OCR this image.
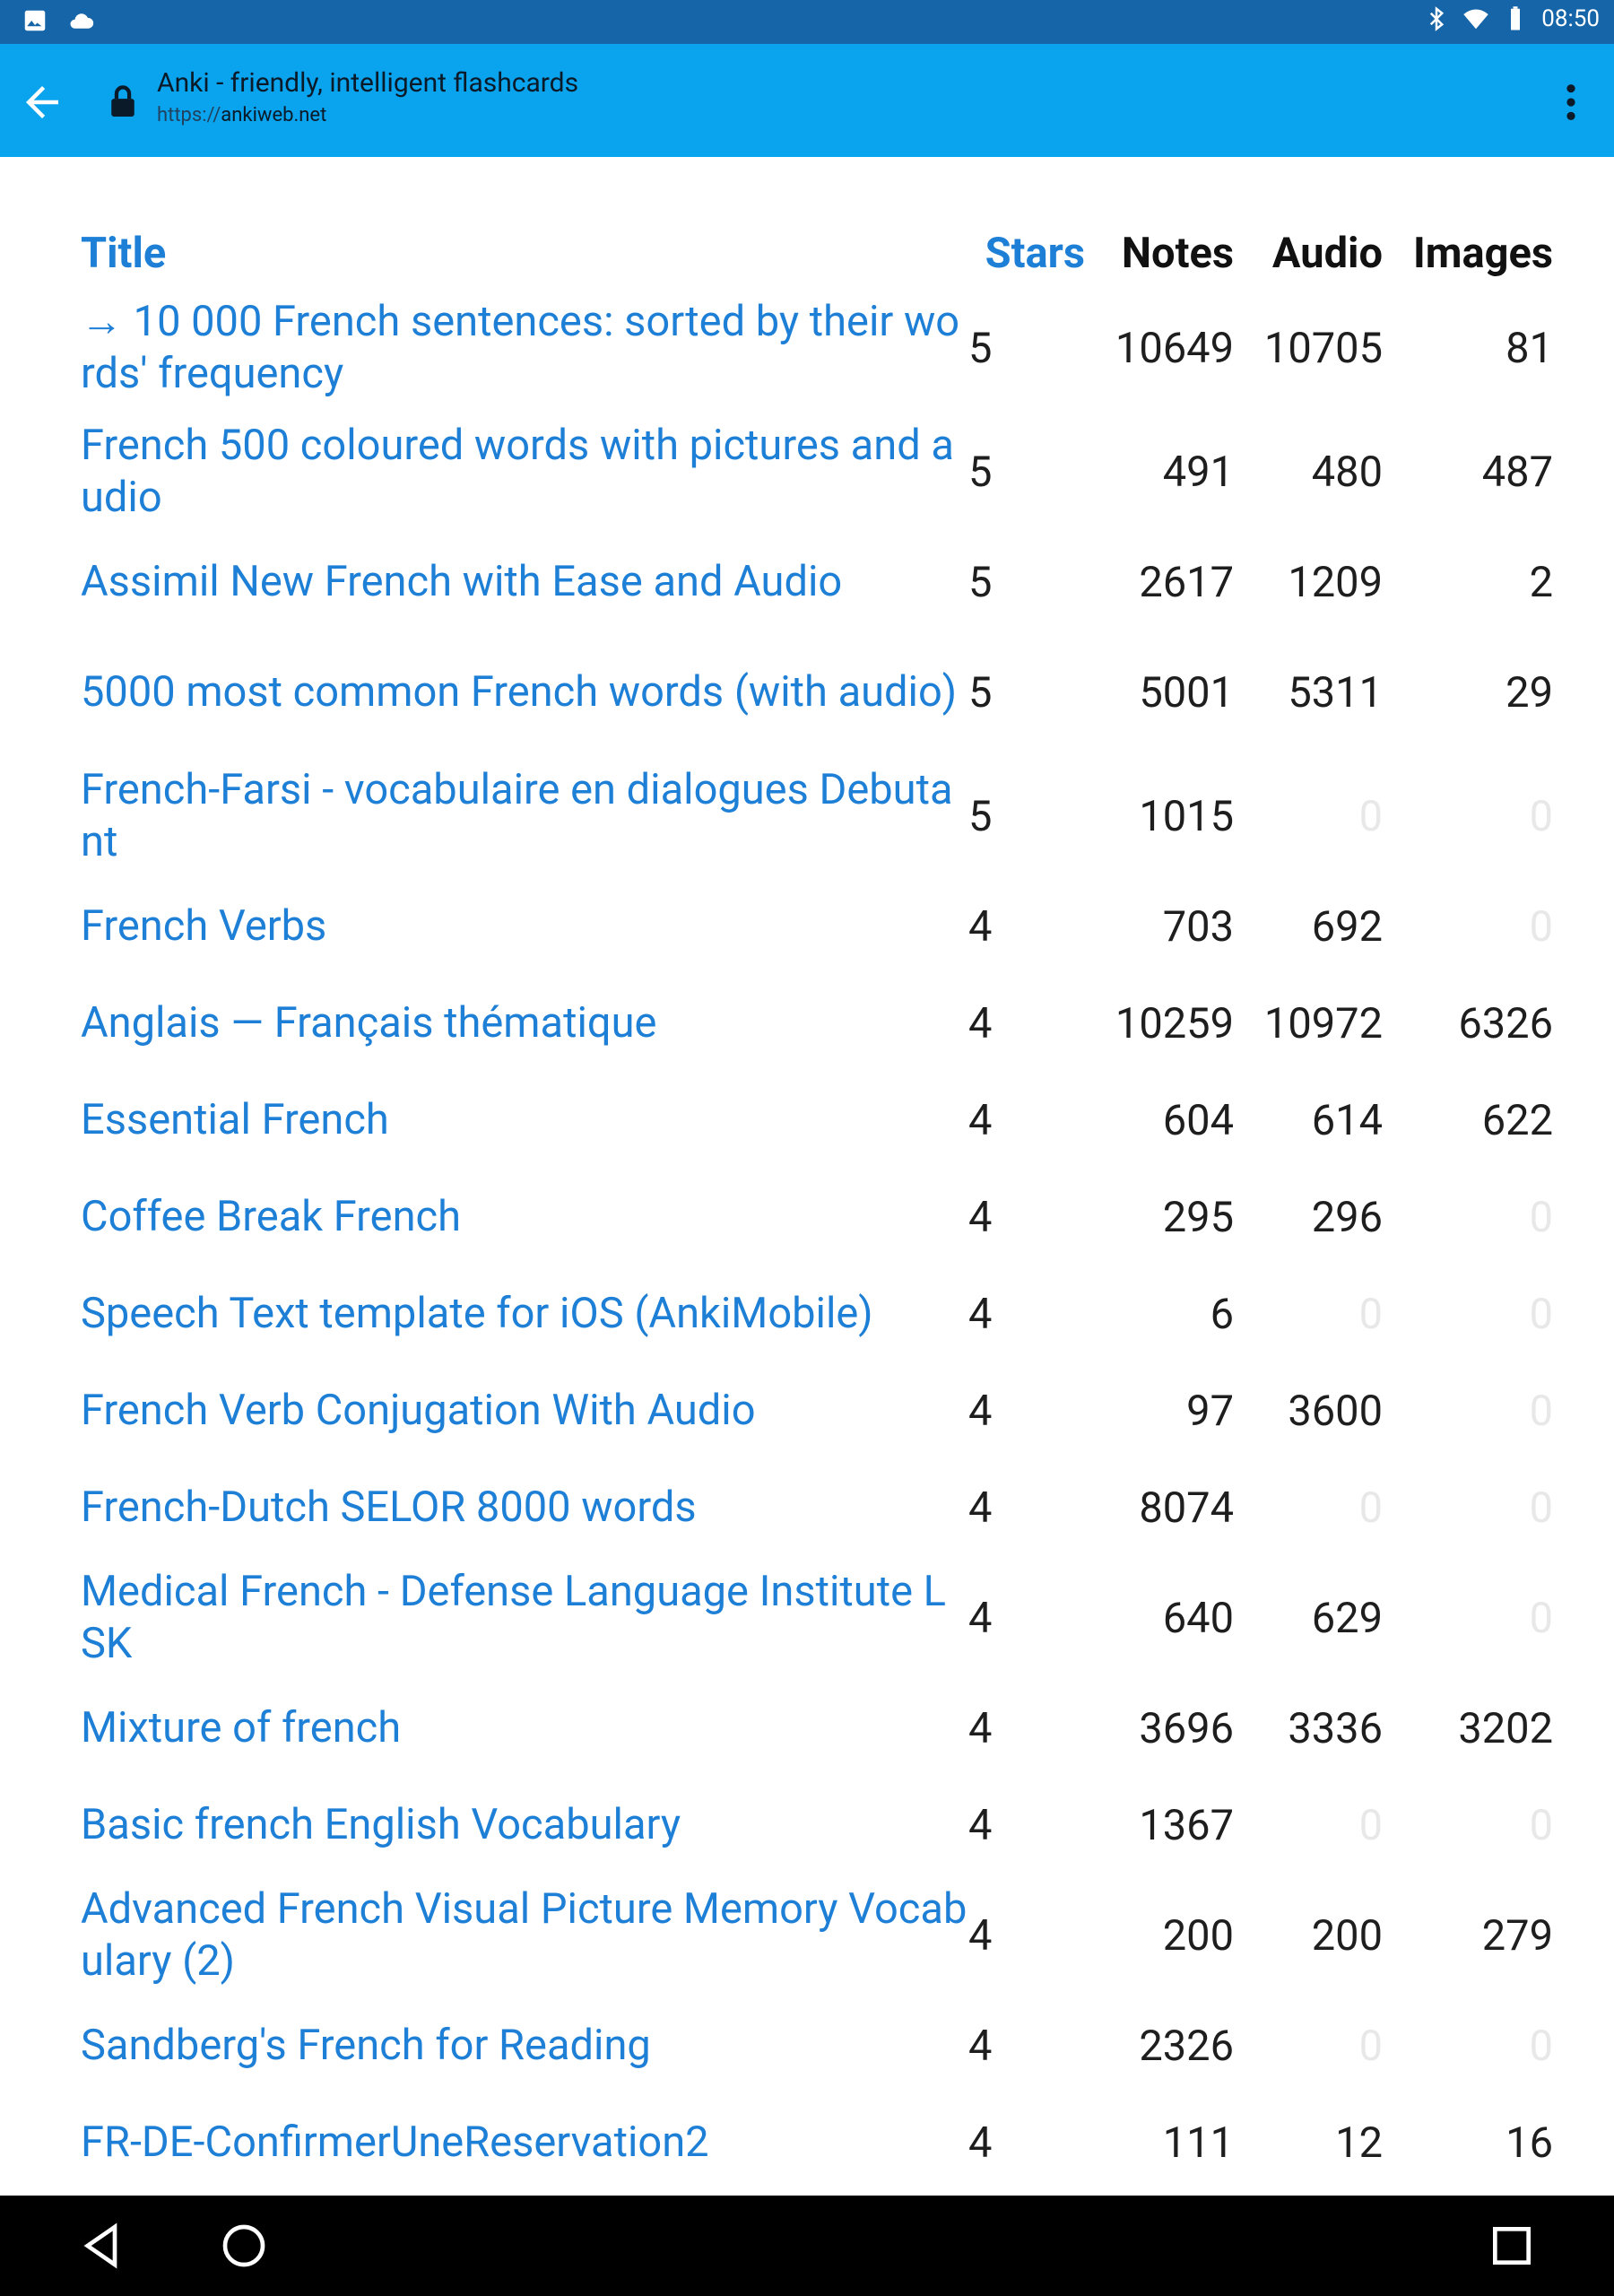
08:50
Anki - friendly, intelligent flashcards
https://ankiweb.net
Title	Stars	Notes	Audio	Images
→ 10 000 French sentences: sorted by their words' frequency	5	10649	10705	81
French 500 coloured words with pictures and audio	5	491	480	487
Assimil New French with Ease and Audio	5	2617	1209	2
5000 most common French words (with audio)	5	5001	5311	29
French-Farsi - vocabulaire en dialogues Debutant	5	1015	0	0
French Verbs	4	703	692	0
Anglais — Français thématique	4	10259	10972	6326
Essential French	4	604	614	622
Coffee Break French	4	295	296	0
Speech Text template for iOS (AnkiMobile)	4	6	0	0
French Verb Conjugation With Audio	4	97	3600	0
French-Dutch SELOR 8000 words	4	8074	0	0
Medical French - Defense Language Institute LSK	4	640	629	0
Mixture of french	4	3696	3336	3202
Basic french English Vocabulary	4	1367	0	0
Advanced French Visual Picture Memory Vocabulary (2)	4	200	200	279
Sandberg's French for Reading	4	2326	0	0
FR-DE-ConfirmerUneReservation2	4	111	12	16
